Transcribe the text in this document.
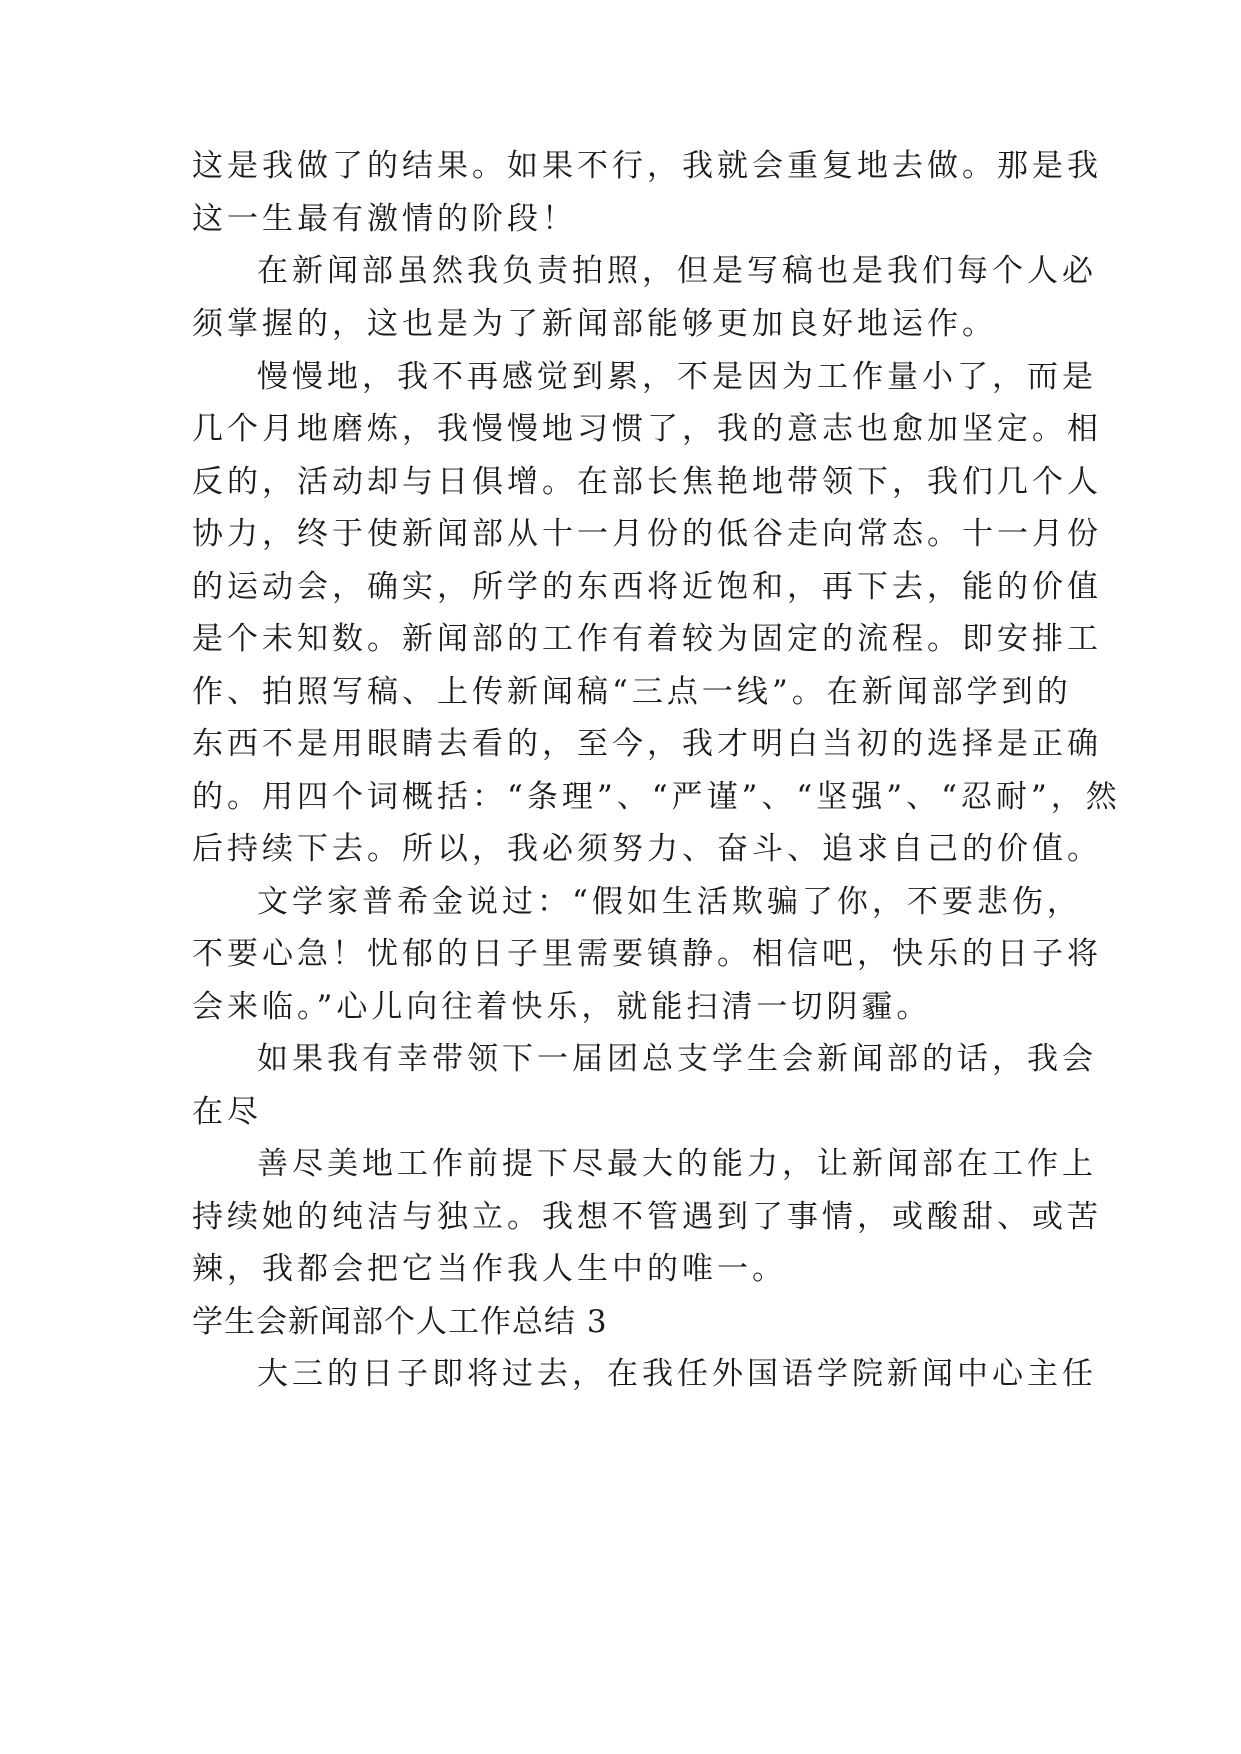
这是我做了的结果。如果不行，我就会重复地去做。那是我
这一生最有激情的阶段！
在新闻部虽然我负责拍照，但是写稿也是我们每个人必
须掌握的，这也是为了新闻部能够更加良好地运作。
慢慢地，我不再感觉到累，不是因为工作量小了，而是
几个月地磨炼，我慢慢地习惯了，我的意志也愈加坚定。相
反的，活动却与日俱增。在部长焦艳地带领下，我们几个人
协力，终于使新闻部从十一月份的低谷走向常态。十一月份
的运动会，确实，所学的东西将近饱和，再下去，能的价值
是个未知数。新闻部的工作有着较为固定的流程。即安排工
作、拍照写稿、上传新闻稿“三点一线”。在新闻部学到的
东西不是用眼睛去看的，至今，我才明白当初的选择是正确
的。用四个词概括：“条理”、“严谨”、“坚强”、“忍耐”，然
后持续下去。所以，我必须努力、奋斗、追求自己的价值。
文学家普希金说过：“假如生活欺骗了你，不要悲伤，
不要心急！忧郁的日子里需要镇静。相信吧，快乐的日子将
会来临。”心儿向往着快乐，就能扫清一切阴霾。
如果我有幸带领下一届团总支学生会新闻部的话，我会
在尽
善尽美地工作前提下尽最大的能力，让新闻部在工作上
持续她的纯洁与独立。我想不管遇到了事情，或酸甜、或苦
辣，我都会把它当作我人生中的唯一。
学生会新闻部个人工作总结 3
大三的日子即将过去，在我任外国语学院新闻中心主任
